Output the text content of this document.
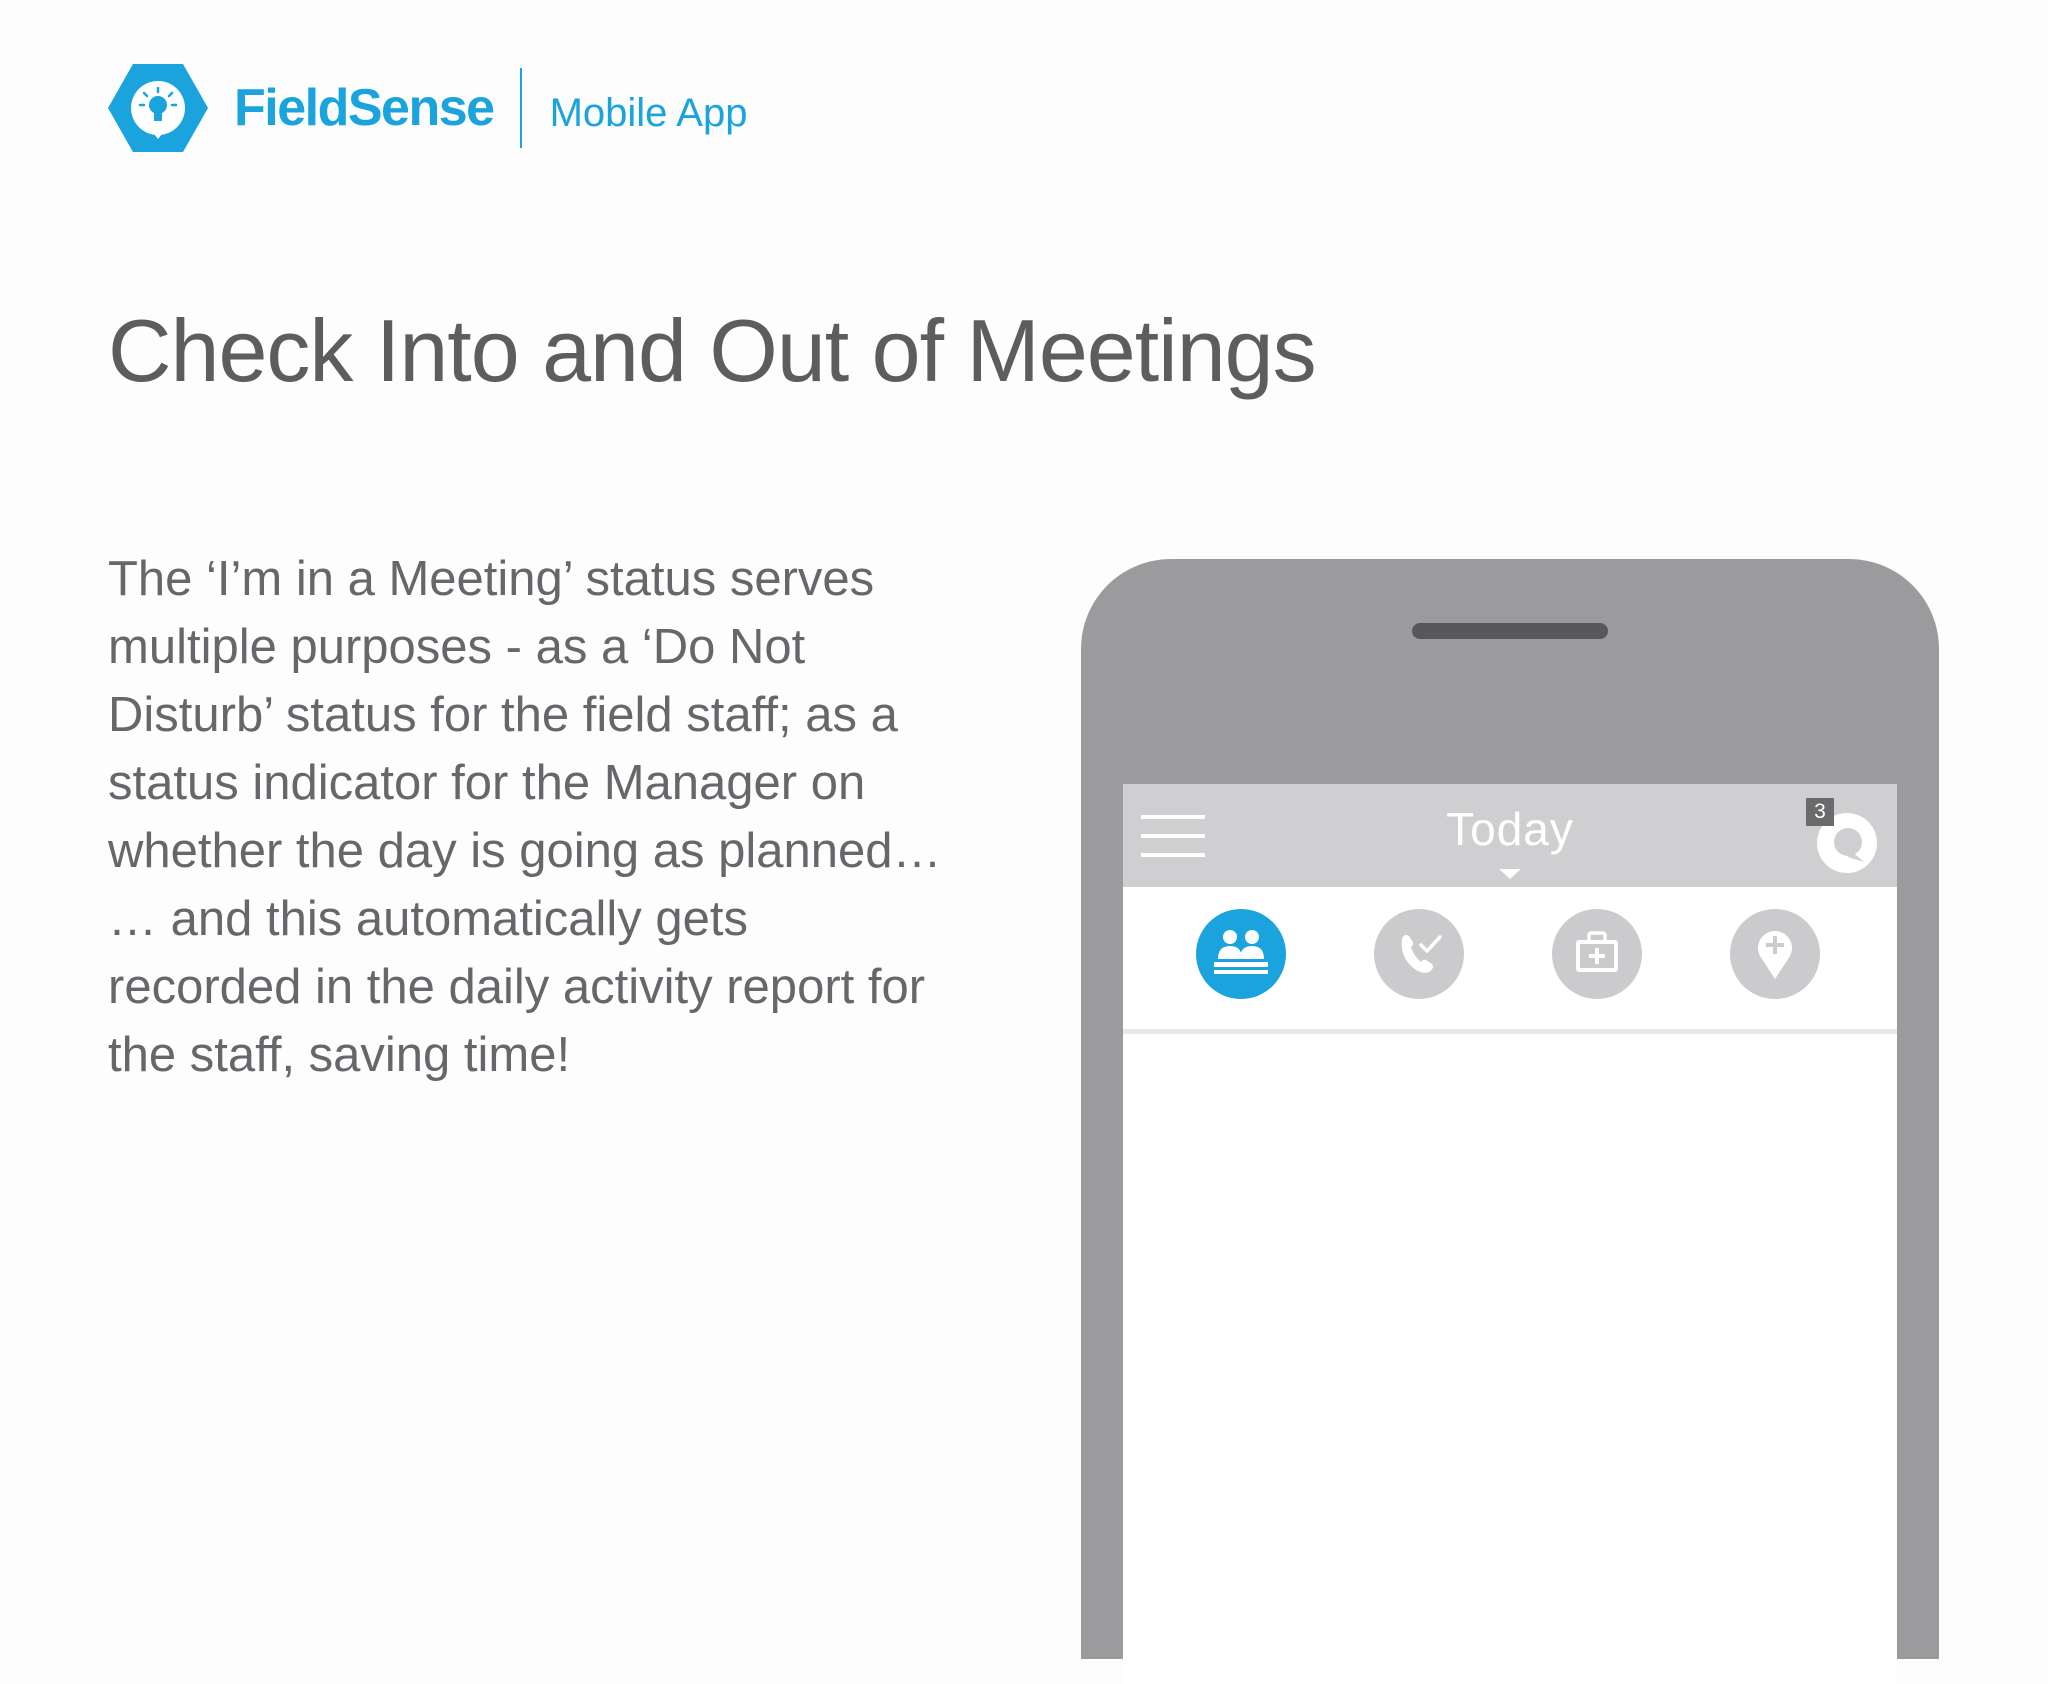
FieldSense Mobile App
Check Into and Out of Meetings

The ‘I’m in a Meeting’ status serves
multiple purposes - as a ‘Do Not
Disturb’ status for the field staff; as a
status indicator for the Manager on
whether the day is going as planned…
… and this automatically gets
recorded in the daily activity report for
the staff, saving time!

Today	3
